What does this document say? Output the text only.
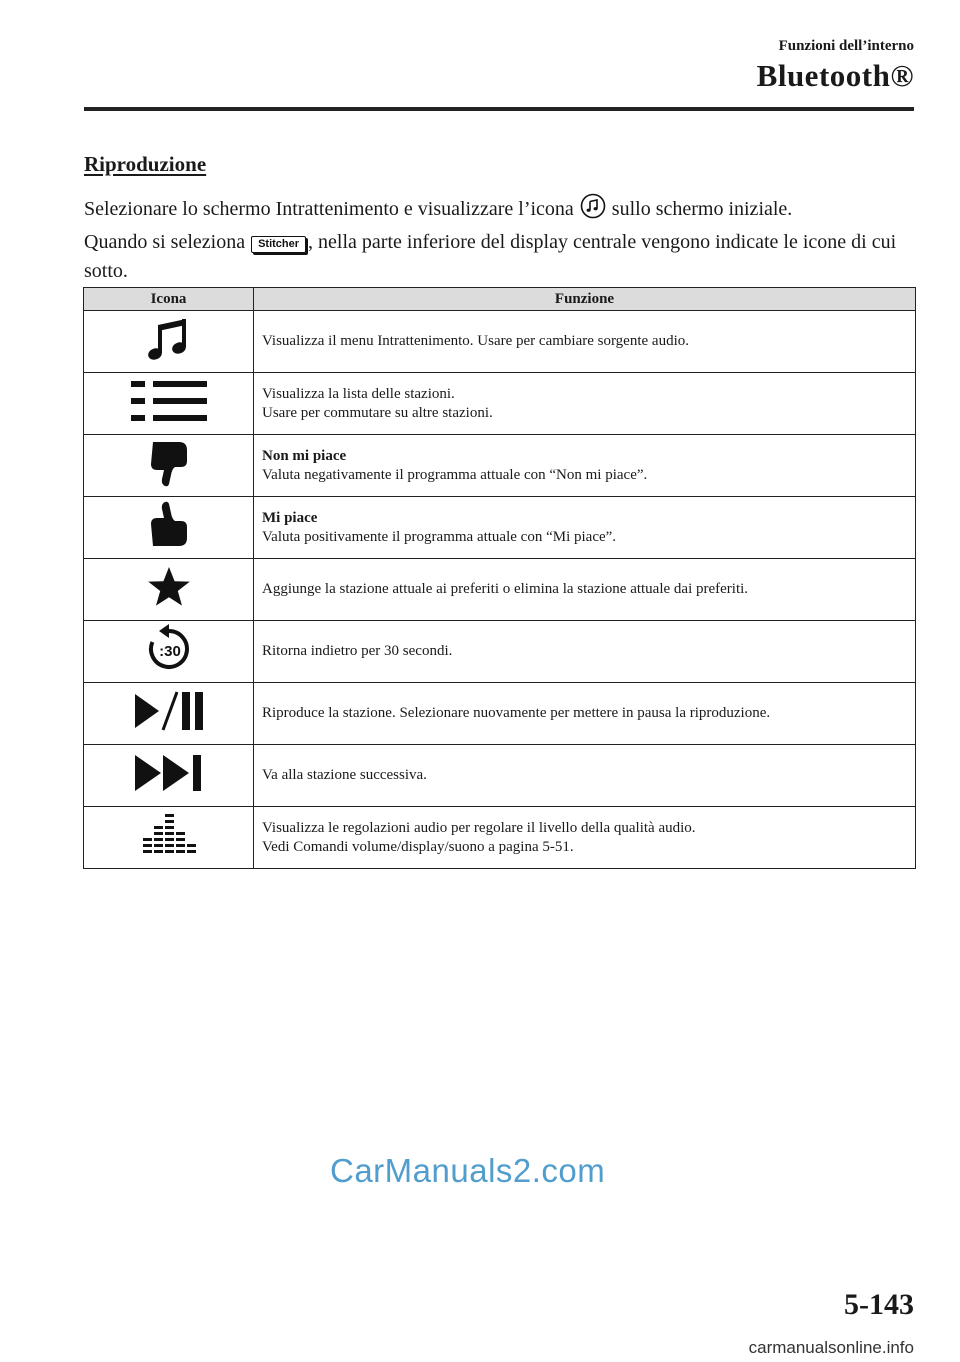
Funzioni dell’interno
Bluetooth®
Riproduzione
Selezionare lo schermo Intrattenimento e visualizzare l’icona sullo schermo iniziale.
Quando si seleziona Stitcher , nella parte inferiore del display centrale vengono indicate le icone di cui sotto.
Icona	Funzione

Visualizza il menu Intrattenimento. Usare per cambiare sorgente audio.

Visualizza la lista delle stazioni.
Usare per commutare su altre stazioni.

Non mi piace
Valuta negativamente il programma attuale con “Non mi piace”.

Mi piace
Valuta positivamente il programma attuale con “Mi piace”.

Aggiunge la stazione attuale ai preferiti o elimina la stazione attuale dai preferiti.

:30	Ritorna indietro per 30 secondi.

Riproduce la stazione. Selezionare nuovamente per mettere in pausa la riproduzione.

Va alla stazione successiva.

Visualizza le regolazioni audio per regolare il livello della qualità audio.
Vedi Comandi volume/display/suono a pagina 5-51.
CarManuals2.com
5-143
carmanualsonline.info
